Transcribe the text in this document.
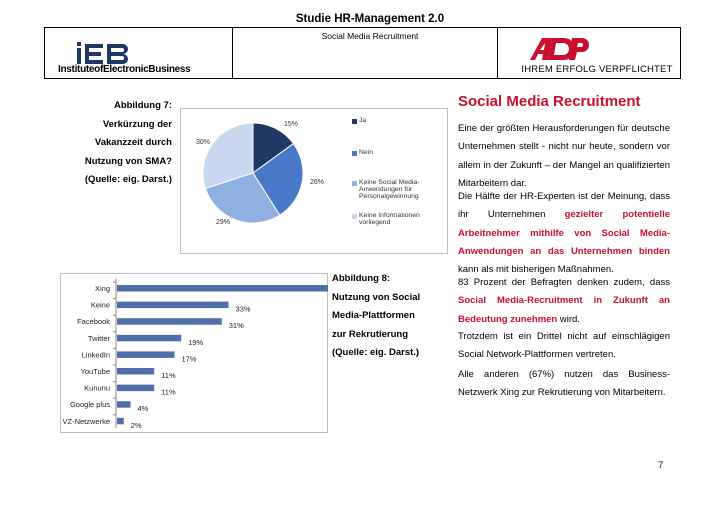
Studie HR-Management 2.0
Social Media Recruitment
InstituteofElectronicBusiness	IHREM ERFOLG VERPFLICHTET
Abbildung 7:
Verkürzung der
Vakanzzeit durch
Nutzung von SMA?
(Quelle: eig. Darst.)
15%
26%
29%
30%
Ja
Nein
Keine Social Media-Anwendungen für Personalgewinnung
Keine Informationen vorliegend
Abbildung 8:
Nutzung von Social
Media-Plattformen
zur Rekrutierung
(Quelle: eig. Darst.)
Xing
Keine	33%
Facebook	31%
Twitter	19%
LinkedIn	17%
YouTube	11%
Kununu	11%
Google plus	4%
VZ-Netzwerke	2%
Social Media Recruitment
Eine der größten Herausforderungen für deutsche Unternehmen stellt - nicht nur heute, sondern vor allem in der Zukunft – der Mangel an qualifizierten Mitarbeitern dar.
Die Hälfte der HR-Experten ist der Meinung, dass ihr Unternehmen gezielter potentielle Arbeitnehmer mithilfe von Social Media-Anwendungen an das Unternehmen binden kann als mit bisherigen Maßnahmen.
83 Prozent der Befragten denken zudem, dass Social Media-Recruitment in Zukunft an Bedeutung zunehmen wird.
Trotzdem ist ein Drittel nicht auf einschlägigen Social Network-Plattformen vertreten.
Alle anderen (67%) nutzen das Business-Netzwerk Xing zur Rekrutierung von Mitarbeitern.
7
